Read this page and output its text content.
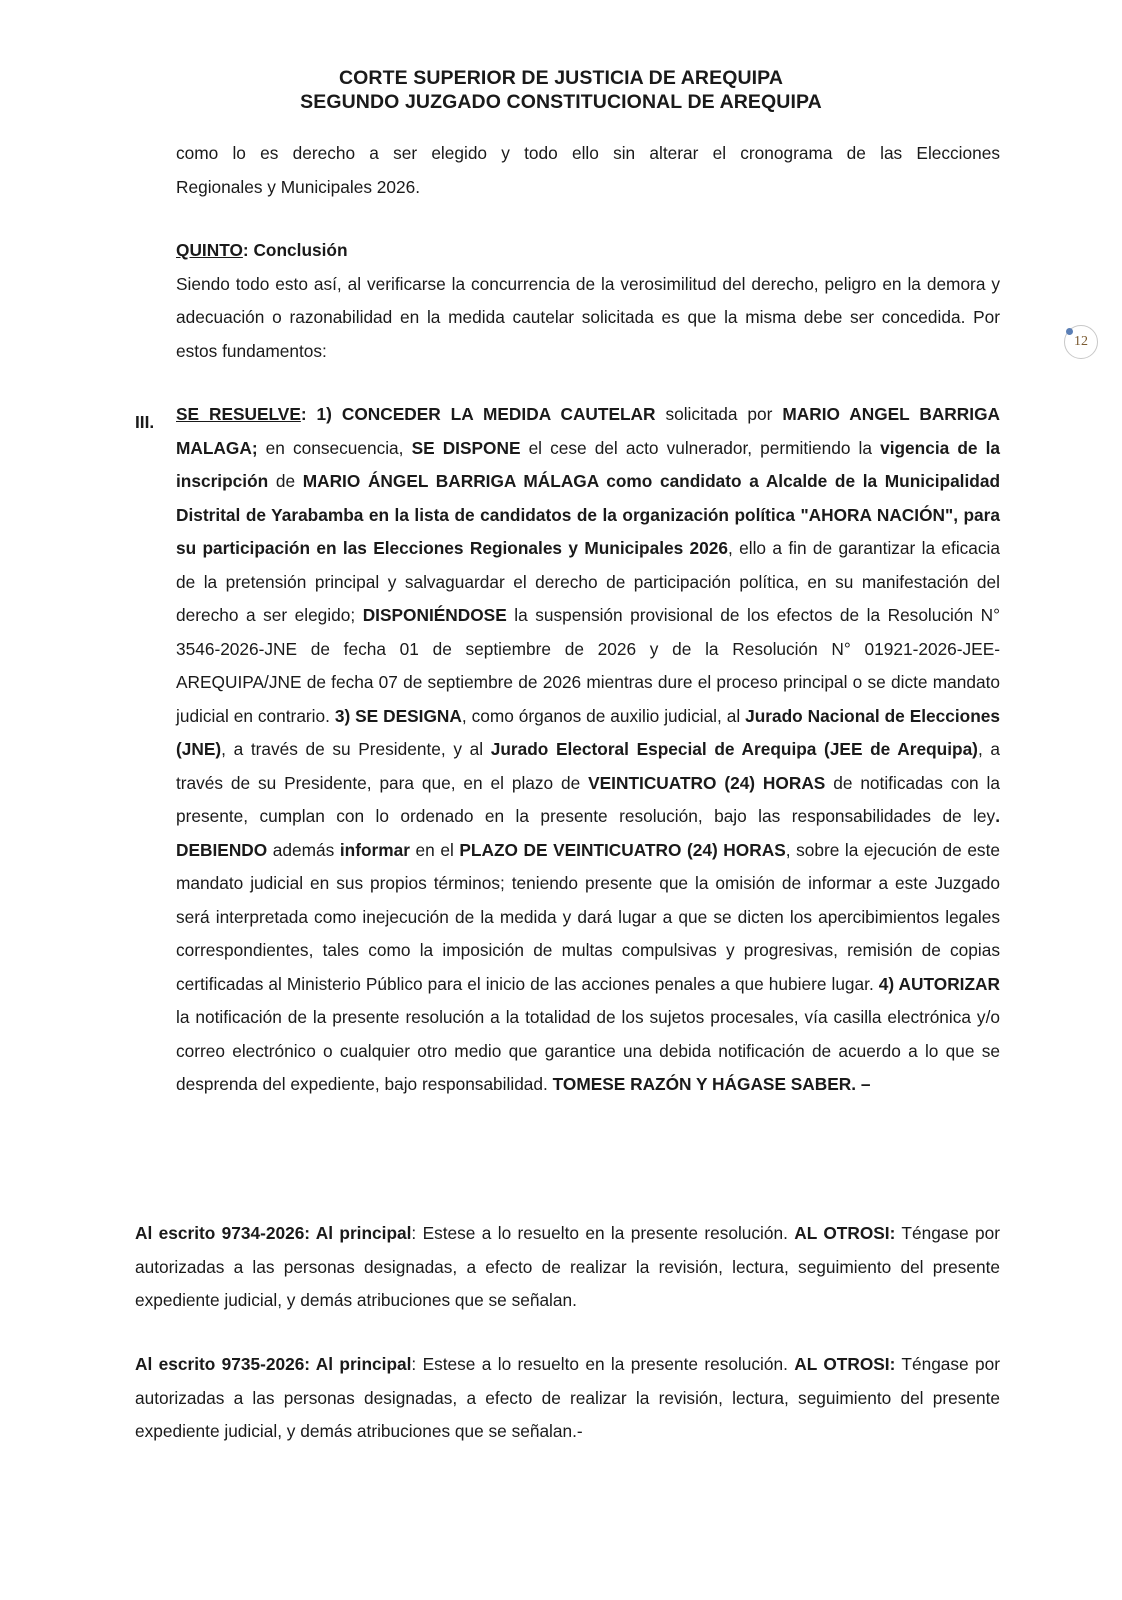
CORTE SUPERIOR DE JUSTICIA DE AREQUIPA
SEGUNDO JUZGADO CONSTITUCIONAL DE AREQUIPA
12
como lo es derecho a ser elegido y todo ello sin alterar el cronograma de las Elecciones
Regionales y Municipales 2026.
QUINTO: Conclusión
Siendo todo esto así, al verificarse la concurrencia de la verosimilitud del derecho, peligro en la demora y adecuación o razonabilidad en la medida cautelar solicitada es que la misma debe ser concedida. Por estos fundamentos:
III. SE RESUELVE: 1) CONCEDER LA MEDIDA CAUTELAR solicitada por MARIO ANGEL BARRIGA MALAGA; en consecuencia, SE DISPONE el cese del acto vulnerador, permitiendo la vigencia de la inscripción de MARIO ÁNGEL BARRIGA MÁLAGA como candidato a Alcalde de la Municipalidad Distrital de Yarabamba en la lista de candidatos de la organización política "AHORA NACIÓN", para su participación en las Elecciones Regionales y Municipales 2026, ello a fin de garantizar la eficacia de la pretensión principal y salvaguardar el derecho de participación política, en su manifestación del derecho a ser elegido; DISPONIÉNDOSE la suspensión provisional de los efectos de la Resolución N° 3546-2026-JNE de fecha 01 de septiembre de 2026 y de la Resolución N° 01921-2026-JEE-AREQUIPA/JNE de fecha 07 de septiembre de 2026 mientras dure el proceso principal o se dicte mandato judicial en contrario. 3) SE DESIGNA, como órganos de auxilio judicial, al Jurado Nacional de Elecciones (JNE), a través de su Presidente, y al Jurado Electoral Especial de Arequipa (JEE de Arequipa), a través de su Presidente, para que, en el plazo de VEINTICUATRO (24) HORAS de notificadas con la presente, cumplan con lo ordenado en la presente resolución, bajo las responsabilidades de ley. DEBIENDO además informar en el PLAZO DE VEINTICUATRO (24) HORAS, sobre la ejecución de este mandato judicial en sus propios términos; teniendo presente que la omisión de informar a este Juzgado será interpretada como inejecución de la medida y dará lugar a que se dicten los apercibimientos legales correspondientes, tales como la imposición de multas compulsivas y progresivas, remisión de copias certificadas al Ministerio Público para el inicio de las acciones penales a que hubiere lugar. 4) AUTORIZAR la notificación de la presente resolución a la totalidad de los sujetos procesales, vía casilla electrónica y/o correo electrónico o cualquier otro medio que garantice una debida notificación de acuerdo a lo que se desprenda del expediente, bajo responsabilidad. TOMESE RAZÓN Y HÁGASE SABER. –
Al escrito 9734-2026: Al principal: Estese a lo resuelto en la presente resolución. AL OTROSI: Téngase por autorizadas a las personas designadas, a efecto de realizar la revisión, lectura, seguimiento del presente expediente judicial, y demás atribuciones que se señalan.
Al escrito 9735-2026: Al principal: Estese a lo resuelto en la presente resolución. AL OTROSI: Téngase por autorizadas a las personas designadas, a efecto de realizar la revisión, lectura, seguimiento del presente expediente judicial, y demás atribuciones que se señalan.-
